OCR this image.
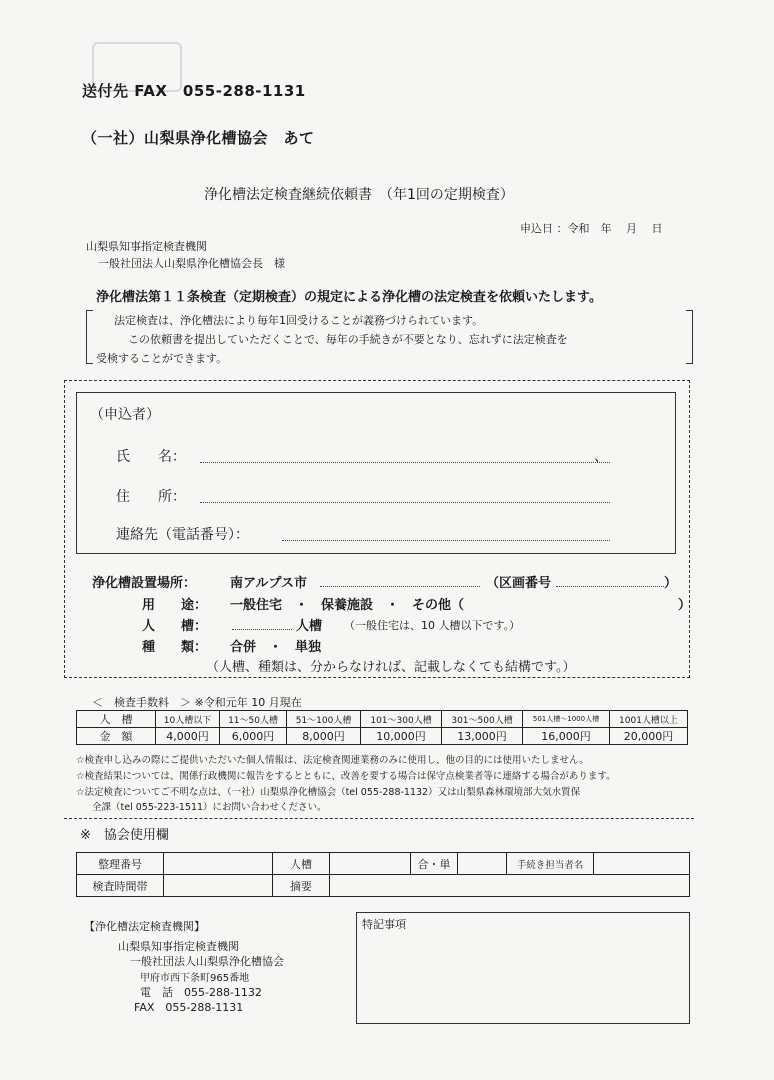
送付先 FAX　055-288-1131
（一社）山梨県浄化槽協会　あて
浄化槽法定検査継続依頼書　（年1回の定期検査）
申込日 ：令和　年　 月　 日
山梨県知事指定検査機関
一般社団法人山梨県浄化槽協会長　様
浄化槽法第１１条検査（定期検査）の規定による浄化槽の法定検査を依頼いたします。
法定検査は、浄化槽法により毎年1回受けることが義務づけられています。
この依頼書を提出していただくことで、毎年の手続きが不要となり、忘れずに法定検査を
受検することができます。
（申込者）
氏　　名：	、
住　　所：
連絡先（電話番号）：
浄化槽設置場所：	南アルプス市	（区画番号	）
用　　途： 一般住宅　・　保養施設　・　その他（	）
人　　槽：	人槽 （一般住宅は、10 人槽以下です。）
種　　類： 合併　・　単独
（人槽、種類は、分からなければ、記載しなくても結構です。）
＜　検査手数料　＞ ※令和元年 10 月現在
人　槽	10人槽以下	11～50人槽	51～100人槽	101～300人槽	301～500人槽	501人槽～1000人槽	1001人槽以上
金　額	4,000円	6,000円	8,000円	10,000円	13,000円	16,000円	20,000円
☆検査申し込みの際にご提供いただいた個人情報は、法定検査関連業務のみに使用し、他の目的には使用いたしません。
☆検査結果については、関係行政機関に報告をするとともに、改善を要する場合は保守点検業者等に連絡する場合があります。
☆法定検査についてご不明な点は、（一社）山梨県浄化槽協会（tel 055-288-1132）又は山梨県森林環境部大気水質保
全課（tel 055-223-1511）にお問い合わせください。
※　協会使用欄
整理番号		人槽		合・単		手続き担当者名	
検査時間帯		摘要					
【浄化槽法定検査機関】
山梨県知事指定検査機関
一般社団法人山梨県浄化槽協会
甲府市西下条町965番地
電　話　055-288-1132
FAX　055-288-1131
特記事項
